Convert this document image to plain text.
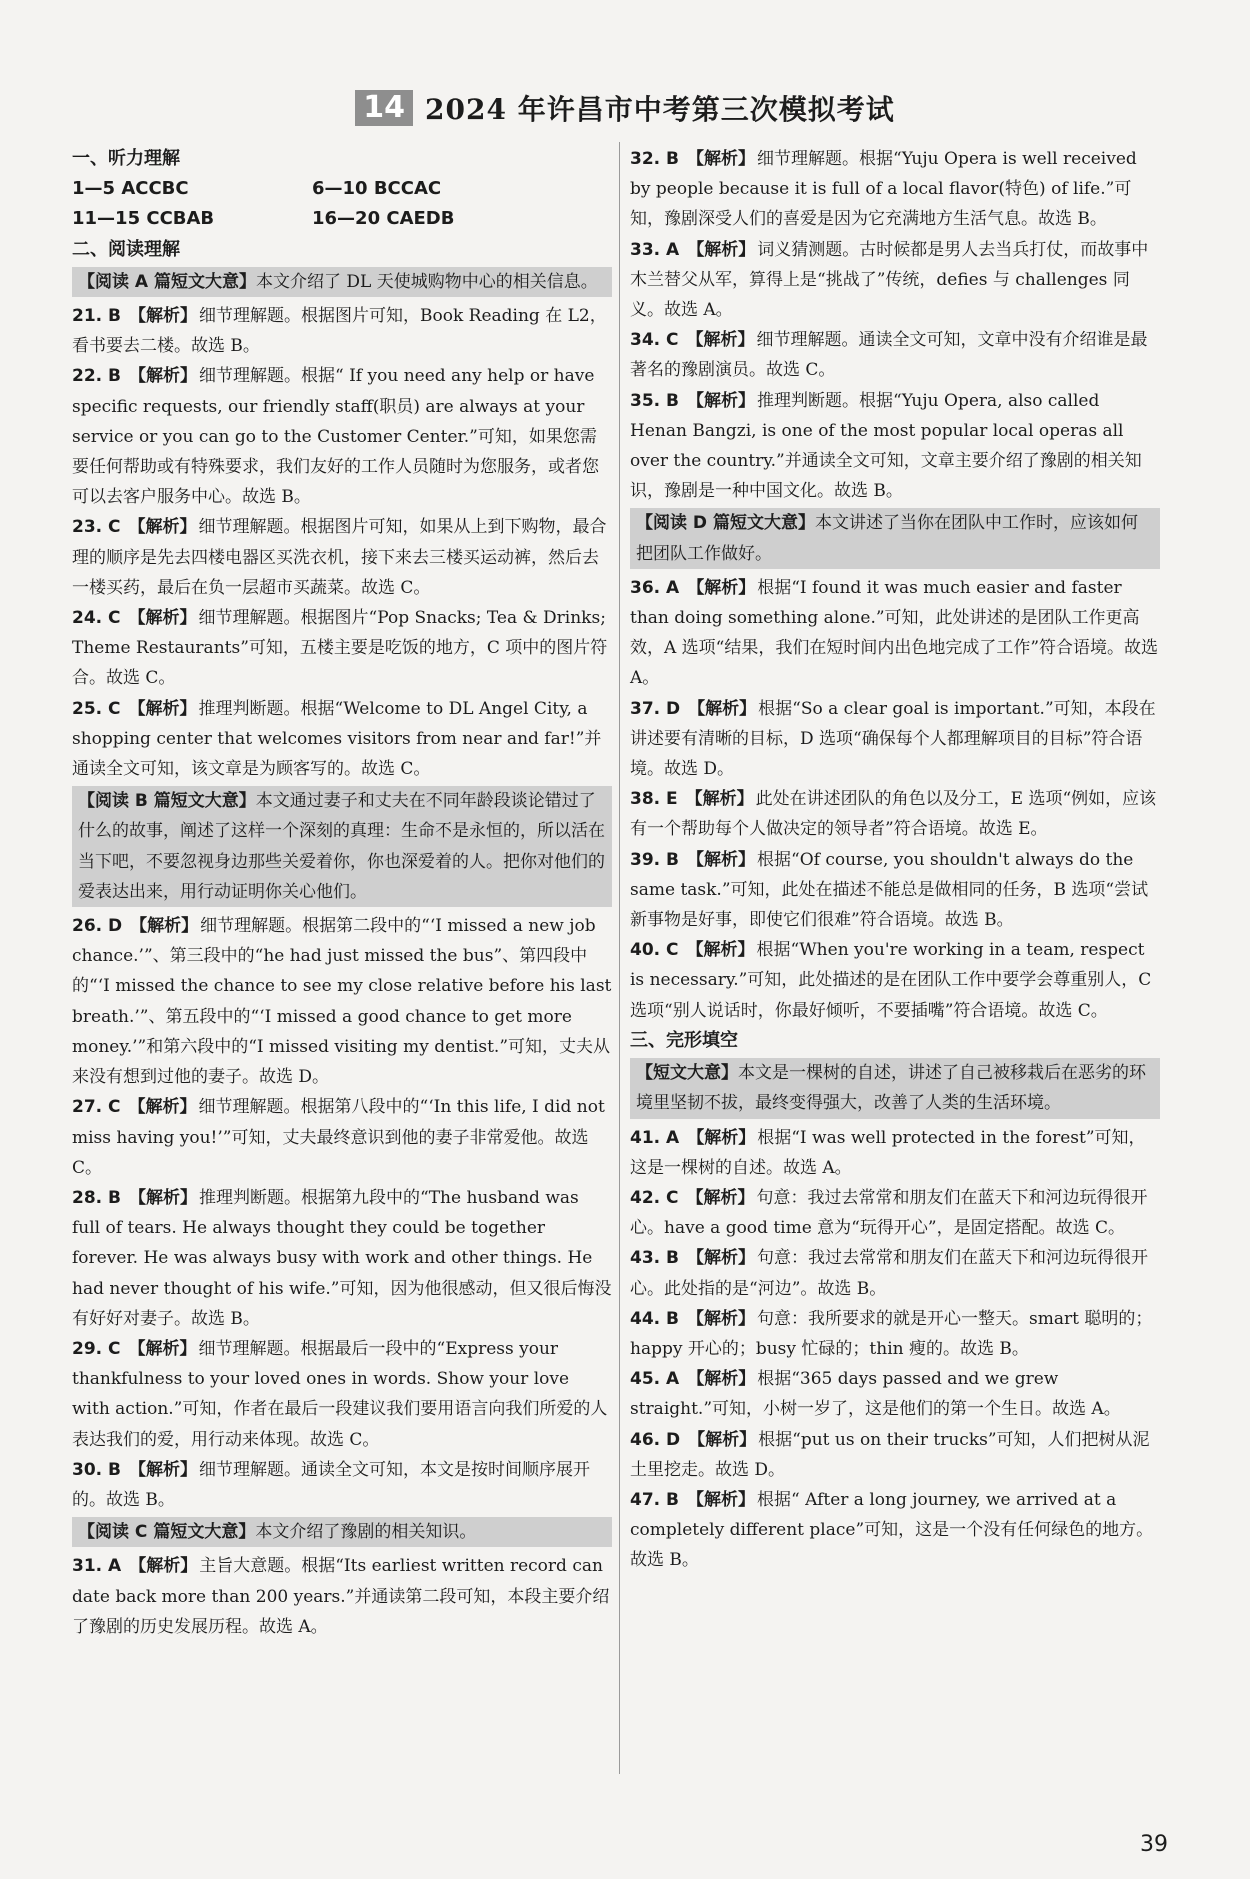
14 2024 年许昌市中考第三次模拟考试
一、听力理解
1—5 ACCBC	6—10 BCCAC
11—15 CCBAB	16—20 CAEDB
二、阅读理解
【阅读 A 篇短文大意】本文介绍了 DL 天使城购物中心的相关信息。
21. B 【解析】 细节理解题。根据图片可知，Book Reading 在 L2，看书要去二楼。故选 B。
22. B 【解析】 细节理解题。根据“ If you need any help or have specific requests, our friendly staff(职员) are always at your service or you can go to the Customer Center.”可知，如果您需要任何帮助或有特殊要求，我们友好的工作人员随时为您服务，或者您可以去客户服务中心。故选 B。
23. C 【解析】 细节理解题。根据图片可知，如果从上到下购物，最合理的顺序是先去四楼电器区买洗衣机，接下来去三楼买运动裤，然后去一楼买药，最后在负一层超市买蔬菜。故选 C。
24. C 【解析】 细节理解题。根据图片“Pop Snacks; Tea & Drinks; Theme Restaurants”可知，五楼主要是吃饭的地方，C 项中的图片符合。故选 C。
25. C 【解析】 推理判断题。根据“Welcome to DL Angel City, a shopping center that welcomes visitors from near and far!”并通读全文可知，该文章是为顾客写的。故选 C。
【阅读 B 篇短文大意】本文通过妻子和丈夫在不同年龄段谈论错过了什么的故事，阐述了这样一个深刻的真理：生命不是永恒的，所以活在当下吧，不要忽视身边那些关爱着你，你也深爱着的人。把你对他们的爱表达出来，用行动证明你关心他们。
26. D 【解析】 细节理解题。根据第二段中的“‘I missed a new job chance.’”、第三段中的“he had just missed the bus”、第四段中的“‘I missed the chance to see my close relative before his last breath.’”、第五段中的“‘I missed a good chance to get more money.’”和第六段中的“I missed visiting my dentist.”可知，丈夫从来没有想到过他的妻子。故选 D。
27. C 【解析】 细节理解题。根据第八段中的“‘In this life, I did not miss having you!’”可知，丈夫最终意识到他的妻子非常爱他。故选 C。
28. B 【解析】 推理判断题。根据第九段中的“The husband was full of tears. He always thought they could be together forever. He was always busy with work and other things. He had never thought of his wife.”可知，因为他很感动，但又很后悔没有好好对妻子。故选 B。
29. C 【解析】 细节理解题。根据最后一段中的“Express your thankfulness to your loved ones in words. Show your love with action.”可知，作者在最后一段建议我们要用语言向我们所爱的人表达我们的爱，用行动来体现。故选 C。
30. B 【解析】 细节理解题。通读全文可知，本文是按时间顺序展开的。故选 B。
【阅读 C 篇短文大意】本文介绍了豫剧的相关知识。
31. A 【解析】 主旨大意题。根据“Its earliest written record can date back more than 200 years.”并通读第二段可知，本段主要介绍了豫剧的历史发展历程。故选 A。
32. B 【解析】 细节理解题。根据“Yuju Opera is well received by people because it is full of a local flavor(特色) of life.”可知，豫剧深受人们的喜爱是因为它充满地方生活气息。故选 B。
33. A 【解析】 词义猜测题。古时候都是男人去当兵打仗，而故事中木兰替父从军，算得上是“挑战了”传统，defies 与 challenges 同义。故选 A。
34. C 【解析】 细节理解题。通读全文可知，文章中没有介绍谁是最著名的豫剧演员。故选 C。
35. B 【解析】 推理判断题。根据“Yuju Opera, also called Henan Bangzi, is one of the most popular local operas all over the country.”并通读全文可知，文章主要介绍了豫剧的相关知识，豫剧是一种中国文化。故选 B。
【阅读 D 篇短文大意】本文讲述了当你在团队中工作时，应该如何把团队工作做好。
36. A 【解析】 根据“I found it was much easier and faster than doing something alone.”可知，此处讲述的是团队工作更高效，A 选项“结果，我们在短时间内出色地完成了工作”符合语境。故选 A。
37. D 【解析】 根据“So a clear goal is important.”可知，本段在讲述要有清晰的目标，D 选项“确保每个人都理解项目的目标”符合语境。故选 D。
38. E 【解析】 此处在讲述团队的角色以及分工，E 选项“例如，应该有一个帮助每个人做决定的领导者”符合语境。故选 E。
39. B 【解析】 根据“Of course, you shouldn't always do the same task.”可知，此处在描述不能总是做相同的任务，B 选项“尝试新事物是好事，即使它们很难”符合语境。故选 B。
40. C 【解析】 根据“When you're working in a team, respect is necessary.”可知，此处描述的是在团队工作中要学会尊重别人，C 选项“别人说话时，你最好倾听，不要插嘴”符合语境。故选 C。
三、完形填空
【短文大意】本文是一棵树的自述，讲述了自己被移栽后在恶劣的环境里坚韧不拔，最终变得强大，改善了人类的生活环境。
41. A 【解析】 根据“I was well protected in the forest”可知，这是一棵树的自述。故选 A。
42. C 【解析】 句意：我过去常常和朋友们在蓝天下和河边玩得很开心。have a good time 意为“玩得开心”，是固定搭配。故选 C。
43. B 【解析】 句意：我过去常常和朋友们在蓝天下和河边玩得很开心。此处指的是“河边”。故选 B。
44. B 【解析】 句意：我所要求的就是开心一整天。smart 聪明的；happy 开心的；busy 忙碌的；thin 瘦的。故选 B。
45. A 【解析】 根据“365 days passed and we grew straight.”可知，小树一岁了，这是他们的第一个生日。故选 A。
46. D 【解析】 根据“put us on their trucks”可知，人们把树从泥土里挖走。故选 D。
47. B 【解析】 根据“ After a long journey, we arrived at a completely different place”可知，这是一个没有任何绿色的地方。故选 B。
39
